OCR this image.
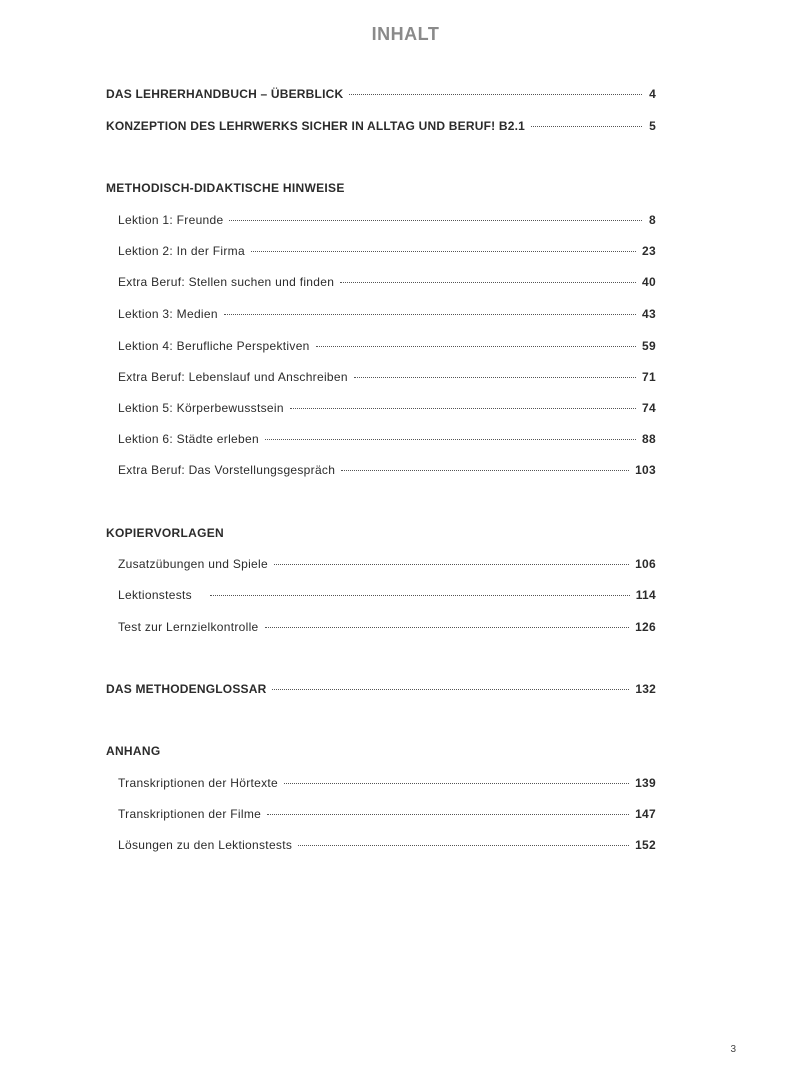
INHALT
DAS LEHRERHANDBUCH – ÜBERBLICK	4
KONZEPTION DES LEHRWERKS SICHER IN ALLTAG UND BERUF! B2.1	5
METHODISCH-DIDAKTISCHE HINWEISE
Lektion 1: Freunde	8
Lektion 2: In der Firma	23
Extra Beruf: Stellen suchen und finden	40
Lektion 3: Medien	43
Lektion 4: Berufliche Perspektiven	59
Extra Beruf: Lebenslauf und Anschreiben	71
Lektion 5: Körperbewusstsein	74
Lektion 6: Städte erleben	88
Extra Beruf: Das Vorstellungsgespräch	103
KOPIERVORLAGEN
Zusatzübungen und Spiele	106
Lektionstests	114
Test zur Lernzielkontrolle	126
DAS METHODENGLOSSAR	132
ANHANG
Transkriptionen der Hörtexte	139
Transkriptionen der Filme	147
Lösungen zu den Lektionstests	152
3
